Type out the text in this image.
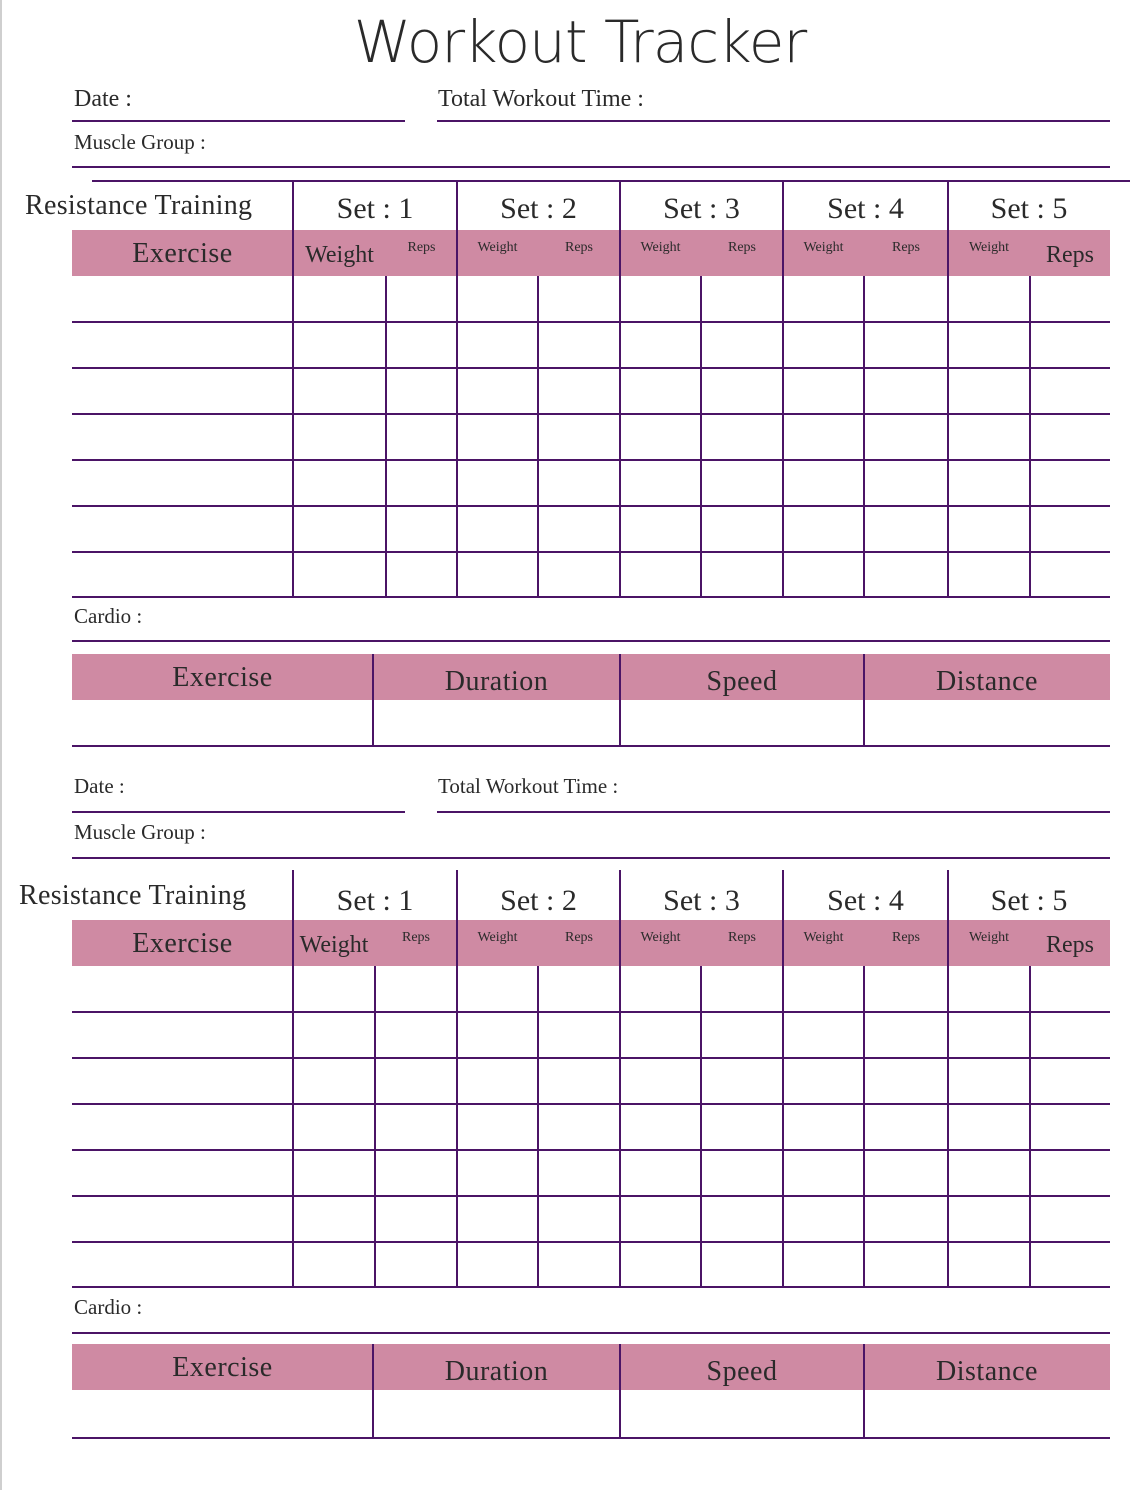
Workout Tracker
Date :	Total Workout Time :
Muscle Group :
Resistance Training	Set : 1	Set : 2	Set : 3	Set : 4	Set : 5
Exercise	Weight	Reps	Weight	Reps	Weight	Reps	Weight	Reps	Weight	Reps
Cardio :
Exercise	Duration	Speed	Distance
Date :	Total Workout Time :
Muscle Group :
Resistance Training	Set : 1	Set : 2	Set : 3	Set : 4	Set : 5
Exercise	Weight	Reps	Weight	Reps	Weight	Reps	Weight	Reps	Weight	Reps
Cardio :
Exercise	Duration	Speed	Distance
